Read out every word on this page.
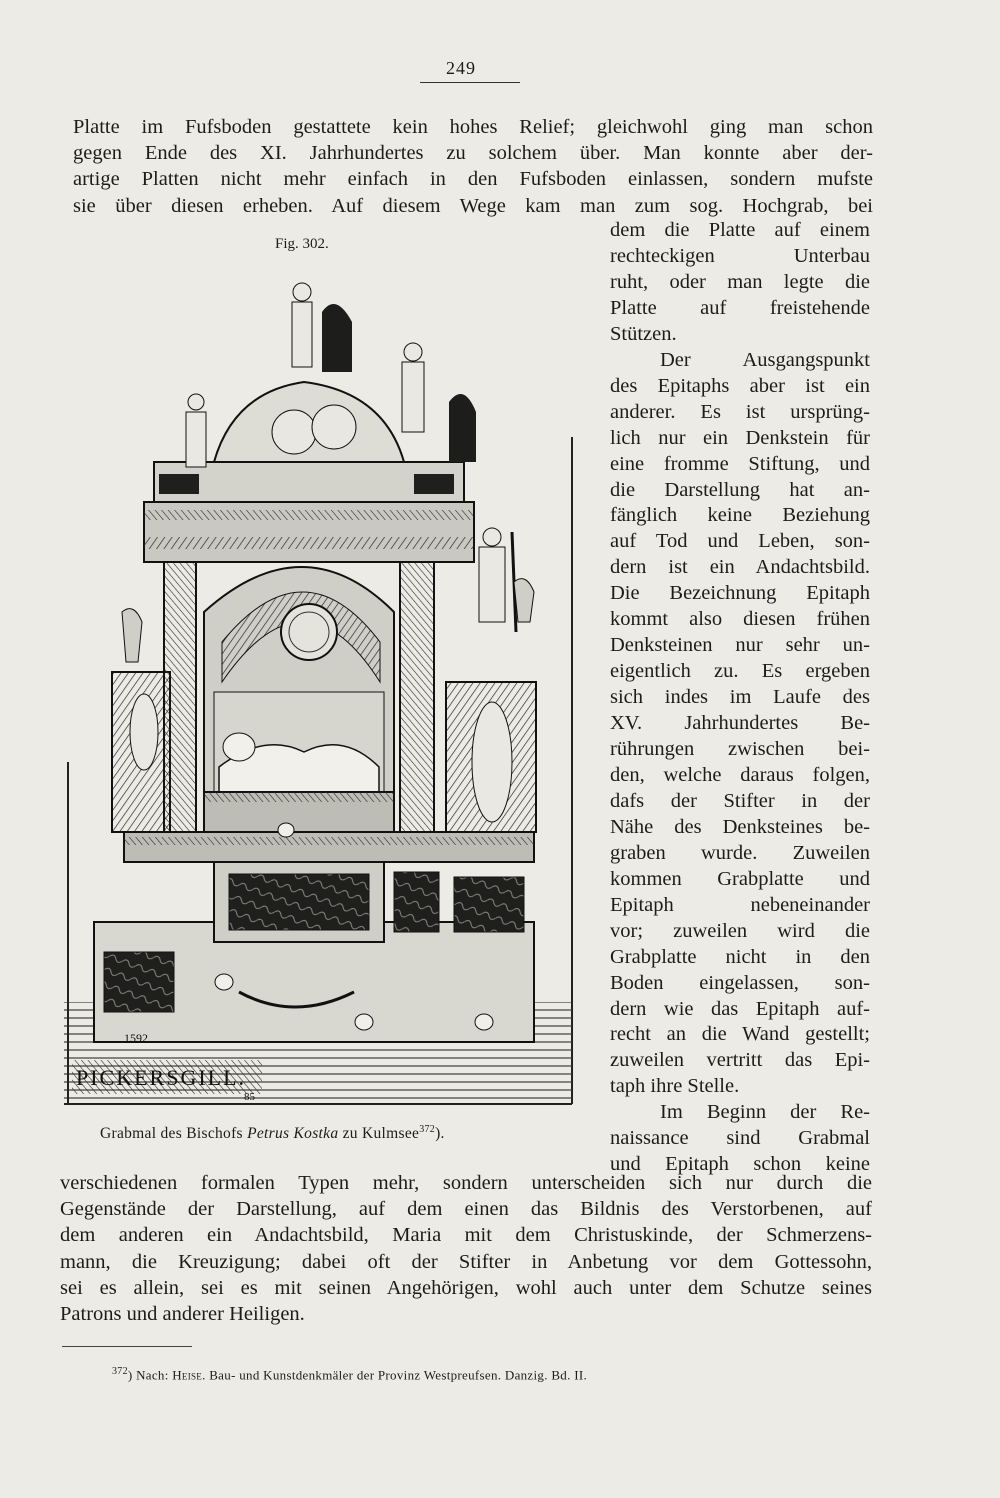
249
Platte im Fufsboden gestattete kein hohes Relief; gleichwohl ging man schon
gegen Ende des XI. Jahrhundertes zu solchem über. Man konnte aber der-
artige Platten nicht mehr einfach in den Fufsboden einlassen, sondern mufste
sie über diesen erheben. Auf diesem Wege kam man zum sog. Hochgrab, bei
Fig. 302.
1592
PICKERSGILL.
85
Grabmal des Bischofs Petrus Kostka zu Kulmsee$^{372}$).
dem die Platte auf einem
rechteckigen Unterbau
ruht, oder man legte die
Platte auf freistehende
Stützen.
Der Ausgangspunkt
des Epitaphs aber ist ein
anderer. Es ist ursprüng-
lich nur ein Denkstein für
eine fromme Stiftung, und
die Darstellung hat an-
fänglich keine Beziehung
auf Tod und Leben, son-
dern ist ein Andachtsbild.
Die Bezeichnung Epitaph
kommt also diesen frühen
Denksteinen nur sehr un-
eigentlich zu. Es ergeben
sich indes im Laufe des
XV. Jahrhundertes Be-
rührungen zwischen bei-
den, welche daraus folgen,
dafs der Stifter in der
Nähe des Denksteines be-
graben wurde. Zuweilen
kommen Grabplatte und
Epitaph nebeneinander
vor; zuweilen wird die
Grabplatte nicht in den
Boden eingelassen, son-
dern wie das Epitaph auf-
recht an die Wand gestellt;
zuweilen vertritt das Epi-
taph ihre Stelle.
Im Beginn der Re-
naissance sind Grabmal
und Epitaph schon keine
verschiedenen formalen Typen mehr, sondern unterscheiden sich nur durch die
Gegenstände der Darstellung, auf dem einen das Bildnis des Verstorbenen, auf
dem anderen ein Andachtsbild, Maria mit dem Christuskinde, der Schmerzens-
mann, die Kreuzigung; dabei oft der Stifter in Anbetung vor dem Gottessohn,
sei es allein, sei es mit seinen Angehörigen, wohl auch unter dem Schutze seines
Patrons und anderer Heiligen.
$^{372}$) Nach: Heise. Bau- und Kunstdenkmäler der Provinz Westpreufsen. Danzig. Bd. II.
